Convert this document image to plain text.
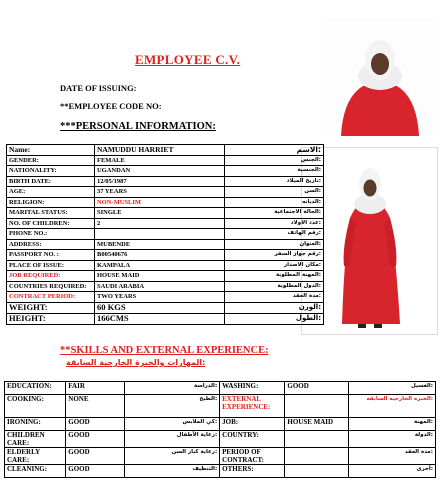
EMPLOYEE C.V.
DATE OF ISSUING:
**EMPLOYEE CODE NO:
***PERSONAL INFORMATION:
Name:	NAMUDDU HARRIET	الاسم:
GENDER:	FEMALE	الجنس:
NATIONALITY:	UGANDAN	الجنسية:
BIRTH DATE:	12/05/1987	تاريخ الميلاد:
AGE:	37 YEARS	السن:
RELIGION:	NON-MUSLIM	الديانه:
MARITAL STATUS:	SINGLE	الحالة الاجتماعية:
NO. OF CHILDREN:	2	عدد الاولاد:
PHONE NO.:		رقم الهاتف:
ADDRESS:	MUBENDE	العنوان:
PASSPORT NO. :	B00540676	رقم جواز السفر:
PLACE OF ISSUE:	KAMPALA	مكان الاصدار:
JOB REQUIRED:	HOUSE MAID	المهنة المطلوبة:
COUNTRIES REQUIRED:	SAUDI ARABIA	الدول المطلوبة:
CONTRACT PERIOD:	TWO YEARS	مدة العقد:
WEIGHT:	60 KGS	الوزن:
HEIGHT:	166CMS	الطول:
**SKILLS AND EXTERNAL EXPERIENCE:
المهارات والخبرة الخارجية السابقة:
EDUCATION:	FAIR	الدراسة:	WASHING:	GOOD	الغسيل:
COOKING:	NONE	الطبخ:	EXTERNAL EXPERIENCE:		الخبره الخارجيه السابقه:
IRONING:	GOOD	كي الملابس:	JOB:	HOUSE MAID	المهنة:
CHILDREN CARE:	GOOD	رعاية الأطفال:	COUNTRY:		الدولة:
ELDERLY CARE:	GOOD	رعاية كبار السن:	PERIOD OF CONTRACT:		مدة العقد:
CLEANING:	GOOD	التنظيف:	OTHERS:		أخرى:
